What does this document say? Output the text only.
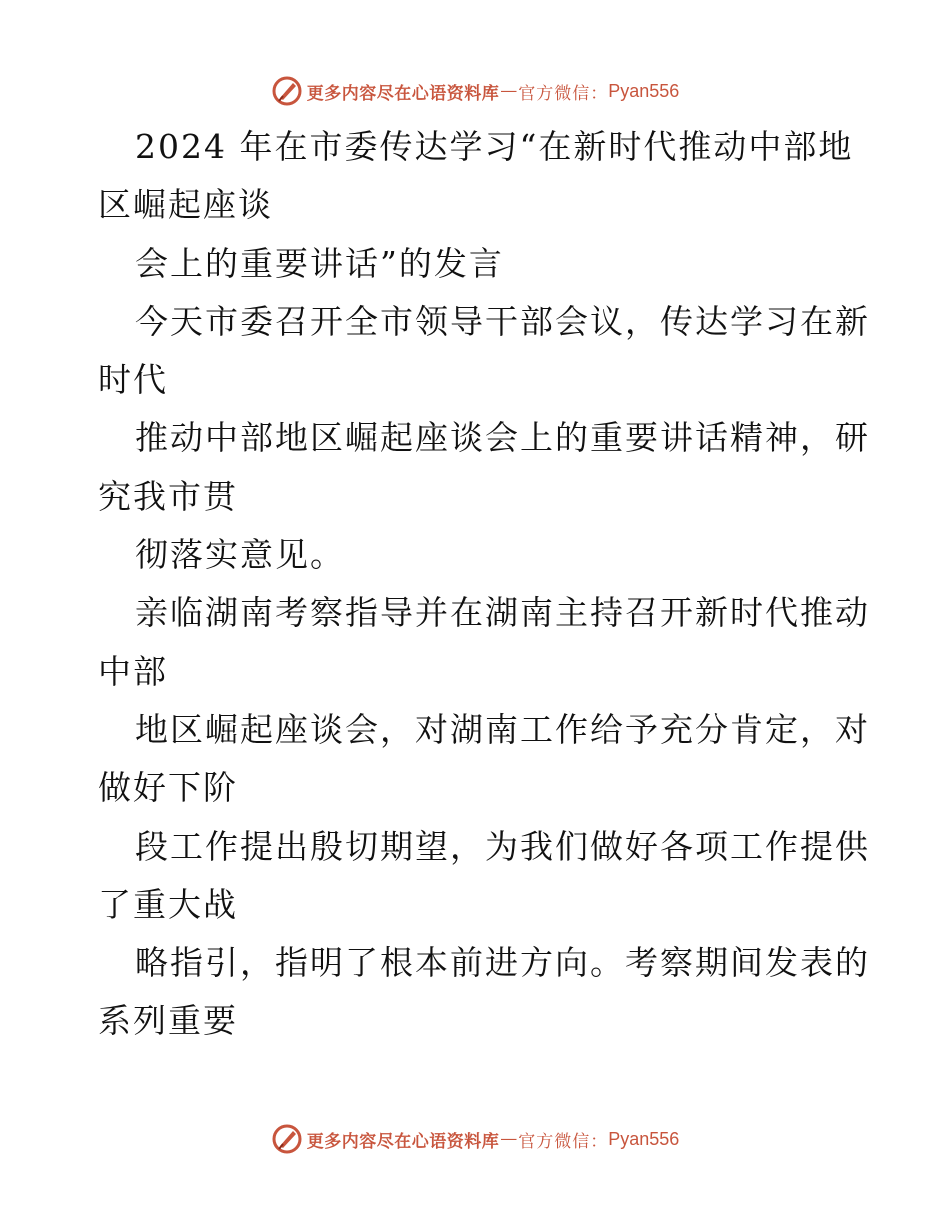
更多内容尽在心语资料库 — 官方微信： Pyan556
2024 年在市委传达学习“在新时代推动中部地
区崛起座谈
会上的重要讲话”的发言
今天市委召开全市领导干部会议，传达学习在新
时代
推动中部地区崛起座谈会上的重要讲话精神，研
究我市贯
彻落实意见。
亲临湖南考察指导并在湖南主持召开新时代推动
中部
地区崛起座谈会，对湖南工作给予充分肯定，对
做好下阶
段工作提出殷切期望，为我们做好各项工作提供
了重大战
略指引，指明了根本前进方向。考察期间发表的
系列重要
更多内容尽在心语资料库 — 官方微信： Pyan556
